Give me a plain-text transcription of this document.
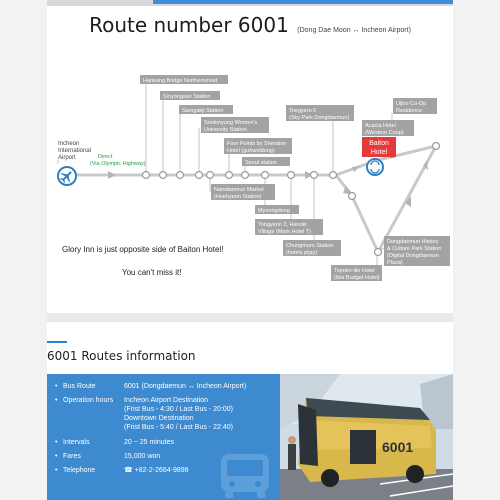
Route number 6001 (Dong Dae Moon ↔ Incheon Airport)
Incheon
International
Airport	Direct
(Via Olympic Highway)
Hankang Bridge Northernmost
Sinyongsan Station
Samgakji Station
Sookmyung Women's
University Station
Four Points by Sheraton
Hotel (guhwoldong)
Seoul station
Namdaemun Market
(Hoehyeon Station)
Myeongdong
Tongyeon 2, Hanoki
Village (Mark Hotel T)
Chungmuro Station
(hotels pijay)
Toegyero 6
(Sky Park Dongdaemun)
Acacia Hotel
(Western Coop)
Uljiro Co-Op
Residence
Dongdaemun History
& Culture Park Station
(Digital Dongdaemun
Plaza)
Topoko-ilin Hotel
(Ibis Budget Hotel)
Baiton
Hotel
Glory Inn is just opposite side of Baiton Hotel!
You can't miss it!
6001 Routes information
• Bus Route	6001 (Dongdaemun ↔ Incheon Airport)
• Operation hours Incheon Airport Destination
(Frist Bus - 4:30 / Last Bus - 20:00)
Downtown Destination
(Frist Bus - 5:40 / Last Bus - 22:40)
• Intervals	20 ~ 25 minutes
• Fares	15,000 won
• Telephone	☎ +82-2-2664-9898
6001
